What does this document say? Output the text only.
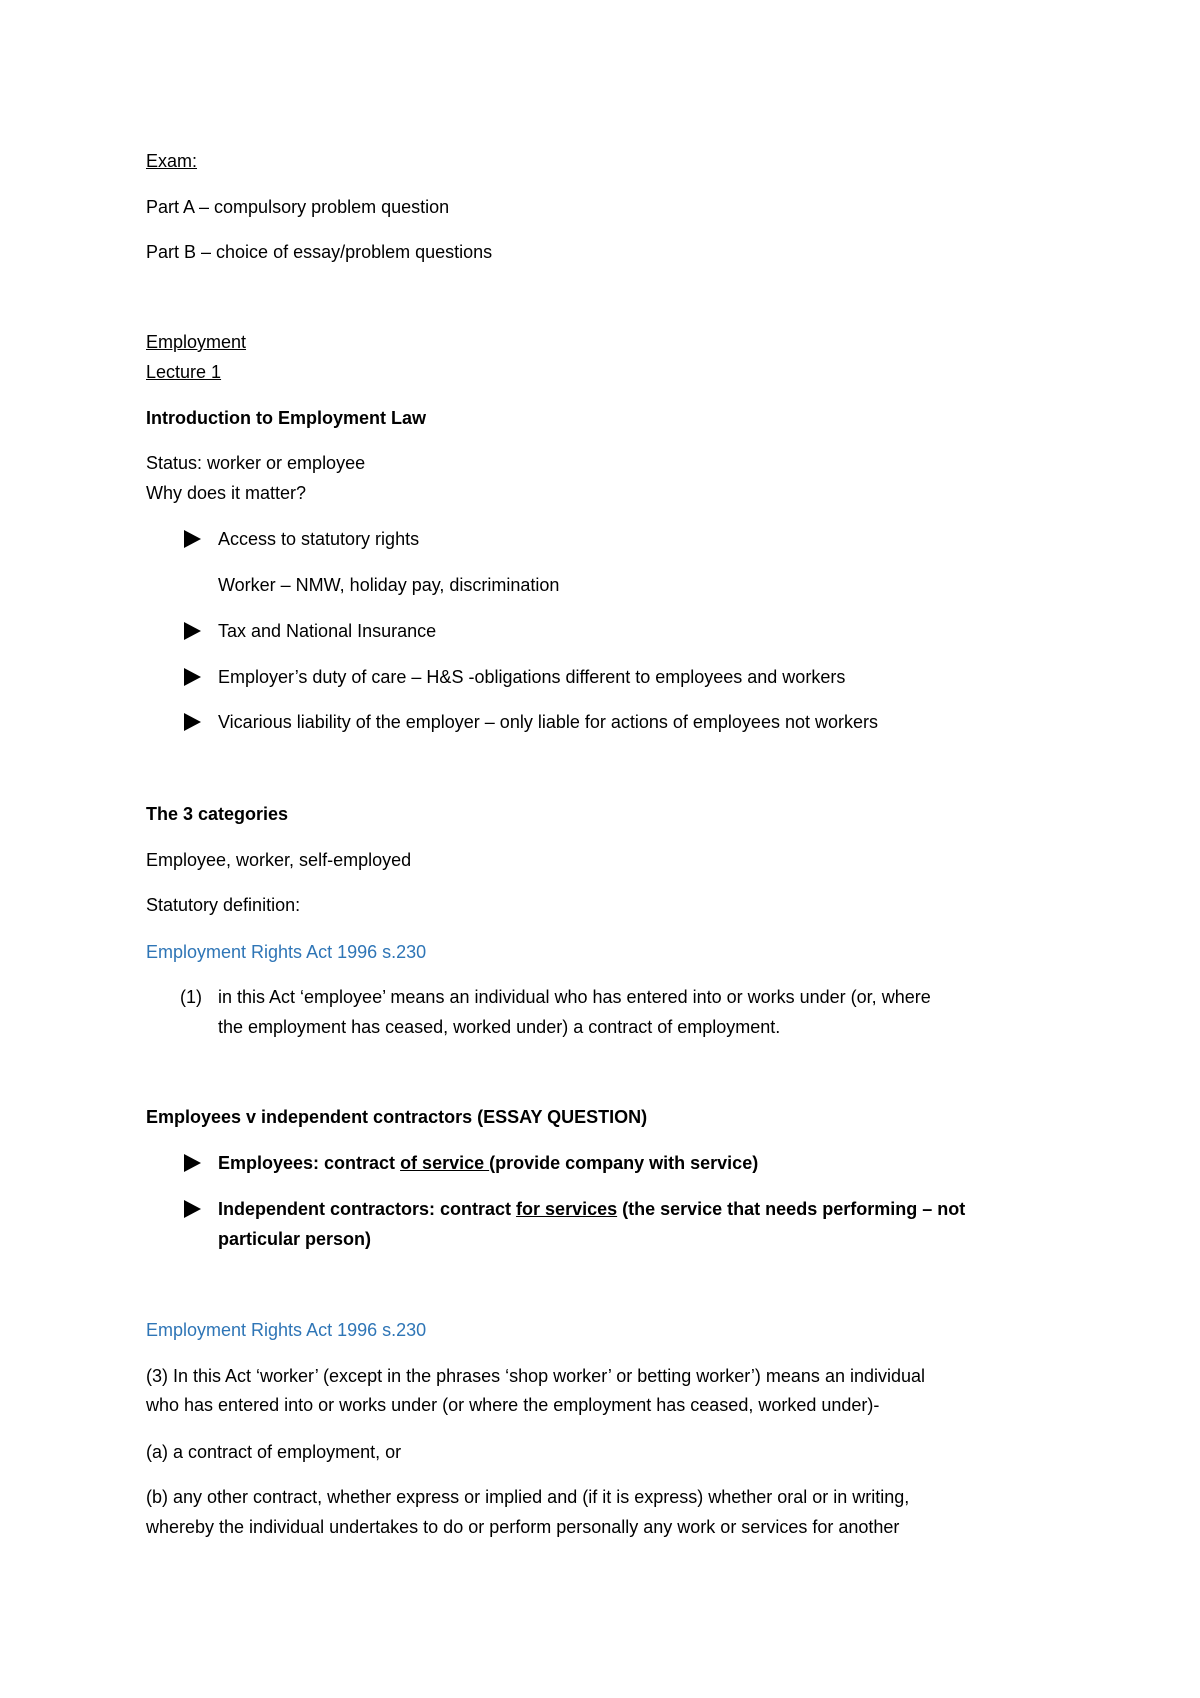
Exam:

Part A – compulsory problem question

Part B – choice of essay/problem questions

Employment

Lecture 1

Introduction to Employment Law

Status: worker or employee

Why does it matter?

Access to statutory rights

Worker – NMW, holiday pay, discrimination

Tax and National Insurance

Employer’s duty of care – H&S -obligations different to employees and workers

Vicarious liability of the employer – only liable for actions of employees not workers

The 3 categories

Employee, worker, self-employed

Statutory definition:

Employment Rights Act 1996 s.230

(1) in this Act ‘employee’ means an individual who has entered into or works under (or, where

the employment has ceased, worked under) a contract of employment.

Employees v independent contractors (ESSAY QUESTION)

Employees: contract of service (provide company with service)

Independent contractors: contract for services (the service that needs performing – not

particular person)

Employment Rights Act 1996 s.230

(3) In this Act ‘worker’ (except in the phrases ‘shop worker’ or betting worker’) means an individual

who has entered into or works under (or where the employment has ceased, worked under)-

(a) a contract of employment, or

(b) any other contract, whether express or implied and (if it is express) whether oral or in writing,

whereby the individual undertakes to do or perform personally any work or services for another
